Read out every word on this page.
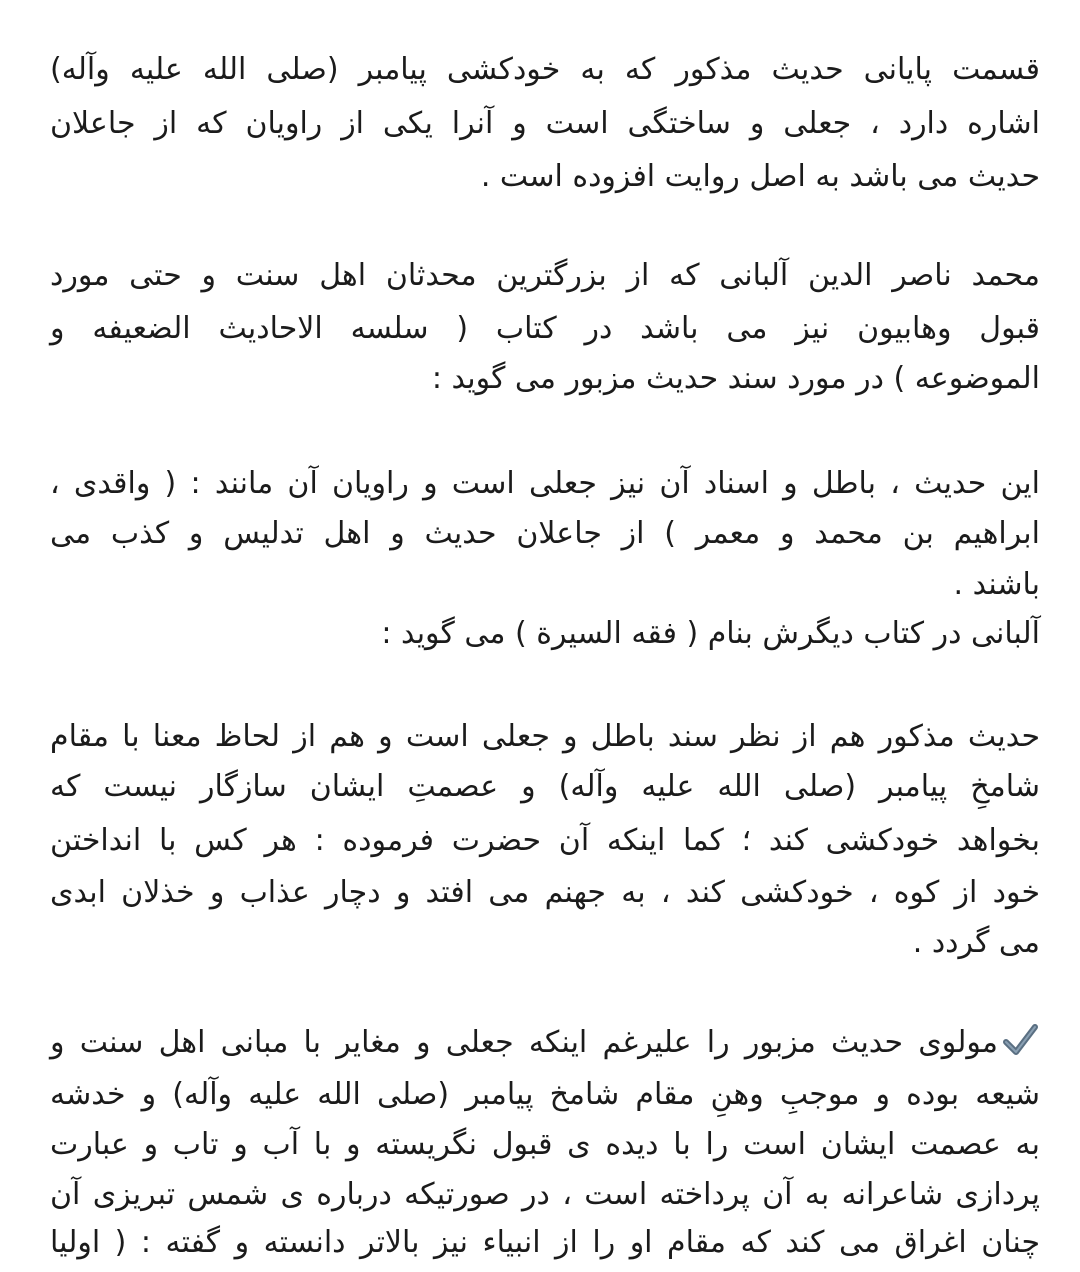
قسمت پایانی حدیث مذکور که به خودکشی پیامبر (صلی الله علیه وآله)
اشاره دارد ، جعلی و ساختگی است و آنرا یکی از راویان که از جاعلان
حدیث می باشد به اصل روایت افزوده است .
محمد ناصر الدین آلبانی که از بزرگترین محدثان اهل سنت و حتی مورد
قبول وهابیون نیز می باشد در کتاب ( سلسه الاحادیث الضعیفه و
الموضوعه ) در مورد سند حدیث مزبور می گوید :
این حدیث ، باطل و اسناد آن نیز جعلی است و راویان آن مانند : ( واقدی ،
ابراهیم بن محمد و معمر ) از جاعلان حدیث و اهل تدلیس و کذب می
باشند .
آلبانی در کتاب دیگرش بنام ( فقه السیرة ) می گوید :
حدیث مذکور هم از نظر سند باطل و جعلی است و هم از لحاظ معنا با مقام
شامخِ پیامبر (صلی الله علیه وآله) و عصمتِ ایشان سازگار نیست که
بخواهد خودکشی کند ؛ کما اینکه آن حضرت فرموده : هر کس با انداختن
خود از کوه ، خودکشی کند ، به جهنم می افتد و دچار عذاب و خذلان ابدی
می گردد .
مولوی حدیث مزبور را علیرغم اینکه جعلی و مغایر با مبانی اهل سنت و
شیعه بوده و موجبِ وهنِ مقام شامخ پیامبر (صلی الله علیه وآله) و خدشه
به عصمت ایشان است را با دیده ی قبول نگریسته و با آب و تاب و عبارت
پردازی شاعرانه به آن پرداخته است ، در صورتیکه درباره ی شمس تبریزی آن
چنان اغراق می کند که مقام او را از انبیاء نیز بالاتر دانسته و گفته : ( اولیا
